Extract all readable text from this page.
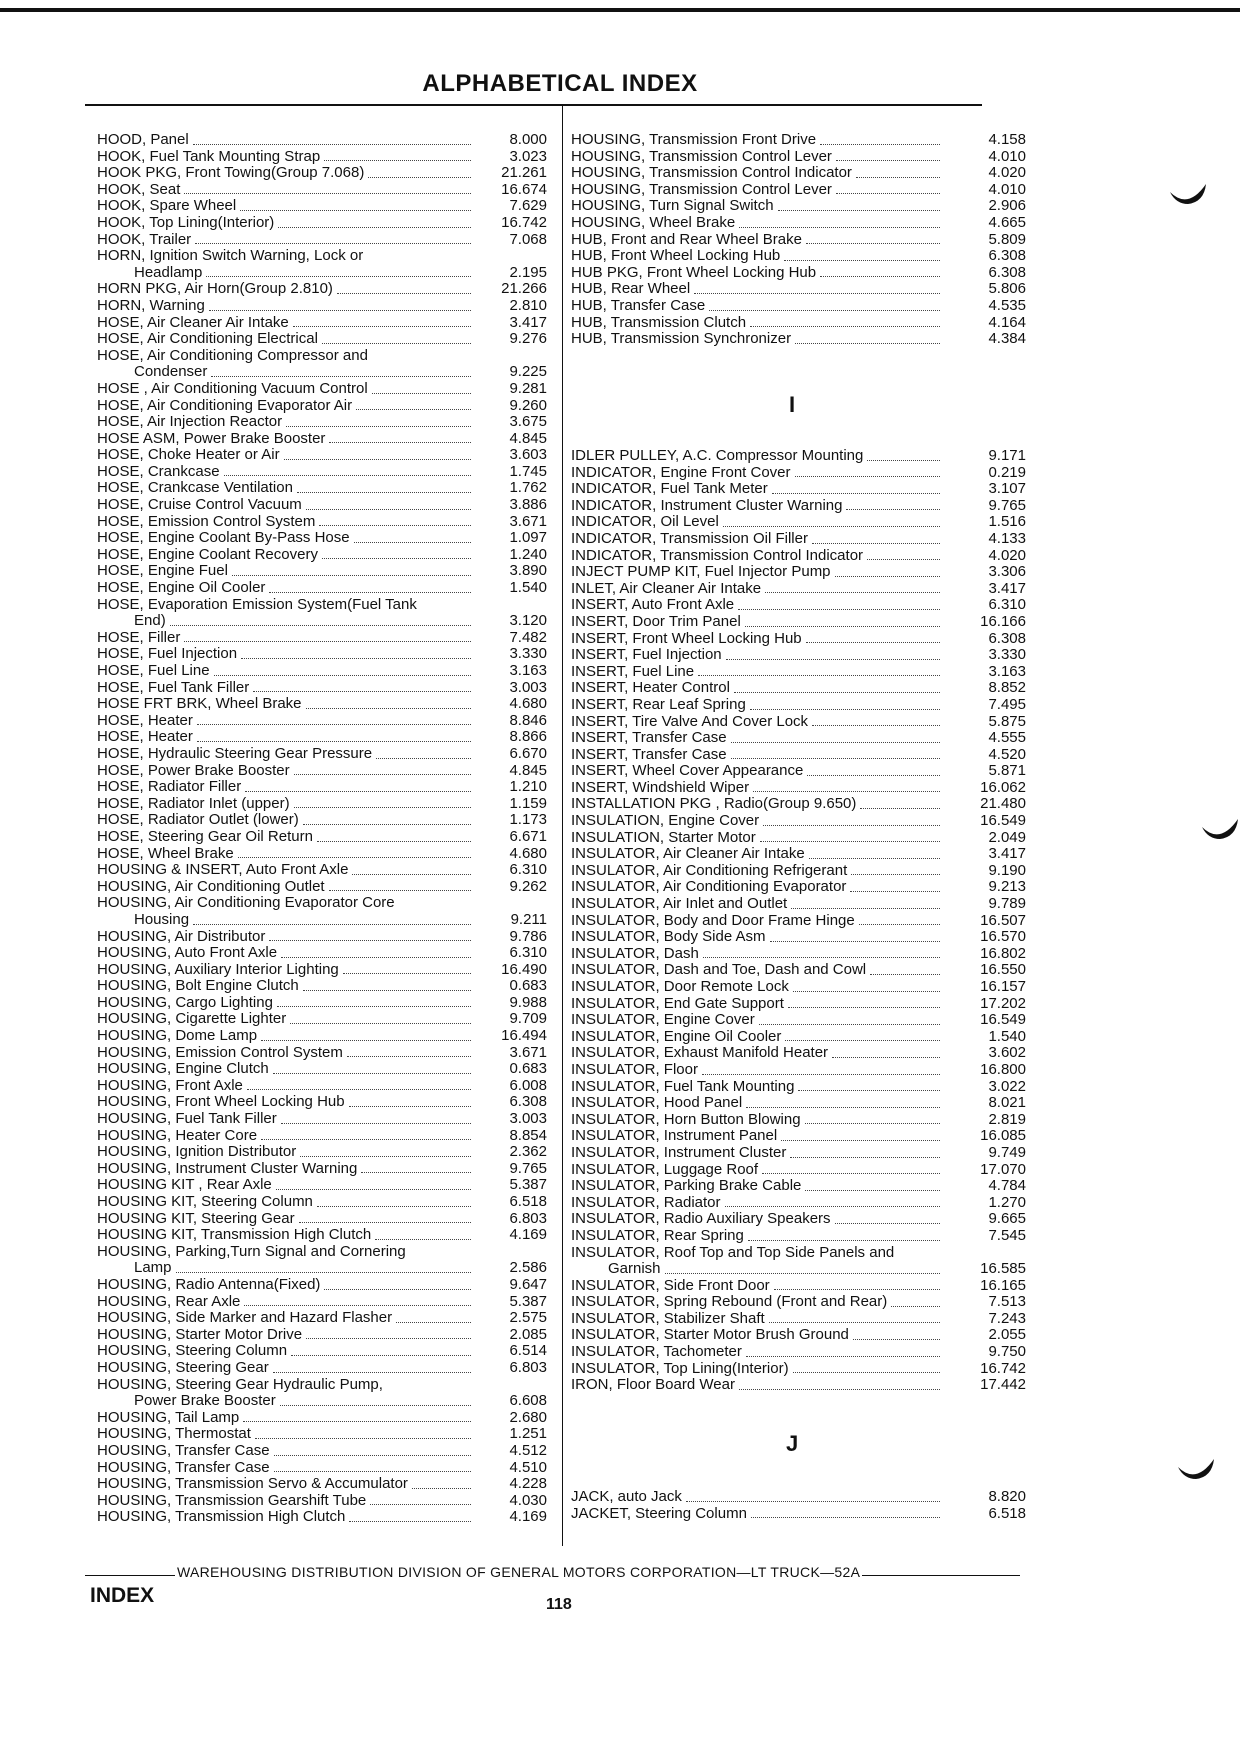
ALPHABETICAL INDEX
HOOD, Panel	8.000
HOOK, Fuel Tank Mounting Strap	3.023
HOOK PKG, Front Towing(Group 7.068)	21.261
HOOK, Seat	16.674
HOOK, Spare Wheel	7.629
HOOK, Top Lining(Interior)	16.742
HOOK, Trailer	7.068
HORN, Ignition Switch Warning, Lock or
Headlamp	2.195
HORN PKG, Air Horn(Group 2.810)	21.266
HORN, Warning	2.810
HOSE, Air Cleaner Air Intake	3.417
HOSE, Air Conditioning Electrical	9.276
HOSE, Air Conditioning Compressor and
Condenser	9.225
HOSE , Air Conditioning Vacuum Control	9.281
HOSE, Air Conditioning Evaporator Air	9.260
HOSE, Air Injection Reactor	3.675
HOSE ASM, Power Brake Booster	4.845
HOSE, Choke Heater or Air	3.603
HOSE, Crankcase	1.745
HOSE, Crankcase Ventilation	1.762
HOSE, Cruise Control Vacuum	3.886
HOSE, Emission Control System	3.671
HOSE, Engine Coolant By-Pass Hose	1.097
HOSE, Engine Coolant Recovery	1.240
HOSE, Engine Fuel	3.890
HOSE, Engine Oil Cooler	1.540
HOSE, Evaporation Emission System(Fuel Tank
End)	3.120
HOSE, Filler	7.482
HOSE, Fuel Injection	3.330
HOSE, Fuel Line	3.163
HOSE, Fuel Tank Filler	3.003
HOSE FRT BRK, Wheel Brake	4.680
HOSE, Heater	8.846
HOSE, Heater	8.866
HOSE, Hydraulic Steering Gear Pressure	6.670
HOSE, Power Brake Booster	4.845
HOSE, Radiator Filler	1.210
HOSE, Radiator Inlet (upper)	1.159
HOSE, Radiator Outlet (lower)	1.173
HOSE, Steering Gear Oil Return	6.671
HOSE, Wheel Brake	4.680
HOUSING & INSERT, Auto Front Axle	6.310
HOUSING, Air Conditioning Outlet	9.262
HOUSING, Air Conditioning Evaporator Core
Housing	9.211
HOUSING, Air Distributor	9.786
HOUSING, Auto Front Axle	6.310
HOUSING, Auxiliary Interior Lighting	16.490
HOUSING, Bolt Engine Clutch	0.683
HOUSING, Cargo Lighting	9.988
HOUSING, Cigarette Lighter	9.709
HOUSING, Dome Lamp	16.494
HOUSING, Emission Control System	3.671
HOUSING, Engine Clutch	0.683
HOUSING, Front Axle	6.008
HOUSING, Front Wheel Locking Hub	6.308
HOUSING, Fuel Tank Filler	3.003
HOUSING, Heater Core	8.854
HOUSING, Ignition Distributor	2.362
HOUSING, Instrument Cluster Warning	9.765
HOUSING KIT , Rear Axle	5.387
HOUSING KIT, Steering Column	6.518
HOUSING KIT, Steering Gear	6.803
HOUSING KIT, Transmission High Clutch	4.169
HOUSING, Parking,Turn Signal and Cornering
Lamp	2.586
HOUSING, Radio Antenna(Fixed)	9.647
HOUSING, Rear Axle	5.387
HOUSING, Side Marker and Hazard Flasher	2.575
HOUSING, Starter Motor Drive	2.085
HOUSING, Steering Column	6.514
HOUSING, Steering Gear	6.803
HOUSING, Steering Gear Hydraulic Pump,
Power Brake Booster	6.608
HOUSING, Tail Lamp	2.680
HOUSING, Thermostat	1.251
HOUSING, Transfer Case	4.512
HOUSING, Transfer Case	4.510
HOUSING, Transmission Servo & Accumulator	4.228
HOUSING, Transmission Gearshift Tube	4.030
HOUSING, Transmission High Clutch	4.169
HOUSING, Transmission Front Drive	4.158
HOUSING, Transmission Control Lever	4.010
HOUSING, Transmission Control Indicator	4.020
HOUSING, Transmission Control Lever	4.010
HOUSING, Turn Signal Switch	2.906
HOUSING, Wheel Brake	4.665
HUB, Front and Rear Wheel Brake	5.809
HUB, Front Wheel Locking Hub	6.308
HUB PKG, Front Wheel Locking Hub	6.308
HUB, Rear Wheel	5.806
HUB, Transfer Case	4.535
HUB, Transmission Clutch	4.164
HUB, Transmission Synchronizer	4.384
I
IDLER PULLEY, A.C. Compressor Mounting	9.171
INDICATOR, Engine Front Cover	0.219
INDICATOR, Fuel Tank Meter	3.107
INDICATOR, Instrument Cluster Warning	9.765
INDICATOR, Oil Level	1.516
INDICATOR, Transmission Oil Filler	4.133
INDICATOR, Transmission Control Indicator	4.020
INJECT PUMP KIT, Fuel Injector Pump	3.306
INLET, Air Cleaner Air Intake	3.417
INSERT, Auto Front Axle	6.310
INSERT, Door Trim Panel	16.166
INSERT, Front Wheel Locking Hub	6.308
INSERT, Fuel Injection	3.330
INSERT, Fuel Line	3.163
INSERT, Heater Control	8.852
INSERT, Rear Leaf Spring	7.495
INSERT, Tire Valve And Cover Lock	5.875
INSERT, Transfer Case	4.555
INSERT, Transfer Case	4.520
INSERT, Wheel Cover Appearance	5.871
INSERT, Windshield Wiper	16.062
INSTALLATION PKG , Radio(Group 9.650)	21.480
INSULATION, Engine Cover	16.549
INSULATION, Starter Motor	2.049
INSULATOR, Air Cleaner Air Intake	3.417
INSULATOR, Air Conditioning Refrigerant	9.190
INSULATOR, Air Conditioning Evaporator	9.213
INSULATOR, Air Inlet and Outlet	9.789
INSULATOR, Body and Door Frame Hinge	16.507
INSULATOR, Body Side Asm	16.570
INSULATOR, Dash	16.802
INSULATOR, Dash and Toe, Dash and Cowl	16.550
INSULATOR, Door Remote Lock	16.157
INSULATOR, End Gate Support	17.202
INSULATOR, Engine Cover	16.549
INSULATOR, Engine Oil Cooler	1.540
INSULATOR, Exhaust Manifold Heater	3.602
INSULATOR, Floor	16.800
INSULATOR, Fuel Tank Mounting	3.022
INSULATOR, Hood Panel	8.021
INSULATOR, Horn Button Blowing	2.819
INSULATOR, Instrument Panel	16.085
INSULATOR, Instrument Cluster	9.749
INSULATOR, Luggage Roof	17.070
INSULATOR, Parking Brake Cable	4.784
INSULATOR, Radiator	1.270
INSULATOR, Radio Auxiliary Speakers	9.665
INSULATOR, Rear Spring	7.545
INSULATOR, Roof Top and Top Side Panels and
Garnish	16.585
INSULATOR, Side Front Door	16.165
INSULATOR, Spring Rebound (Front and Rear)	7.513
INSULATOR, Stabilizer Shaft	7.243
INSULATOR, Starter Motor Brush Ground	2.055
INSULATOR, Tachometer	9.750
INSULATOR, Top Lining(Interior)	16.742
IRON, Floor Board Wear	17.442
J
JACK, auto Jack	8.820
JACKET, Steering Column	6.518
WAREHOUSING DISTRIBUTION DIVISION OF GENERAL MOTORS CORPORATION—LT TRUCK—52A
INDEX	118
